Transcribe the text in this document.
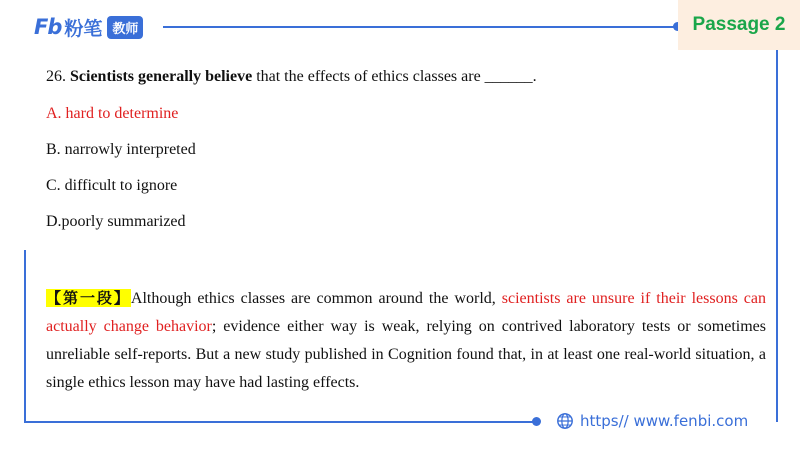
Fb 粉笔 教师	Passage 2
26. Scientists generally believe that the effects of ethics classes are ______.
A. hard to determine
B. narrowly interpreted
C. difficult to ignore
D.poorly summarized
【第一段】Although ethics classes are common around the world, scientists are unsure if their lessons can actually change behavior; evidence either way is weak, relying on contrived laboratory tests or sometimes unreliable self-reports. But a new study published in Cognition found that, in at least one real-world situation, a single ethics lesson may have had lasting effects.
https// www.fenbi.com
